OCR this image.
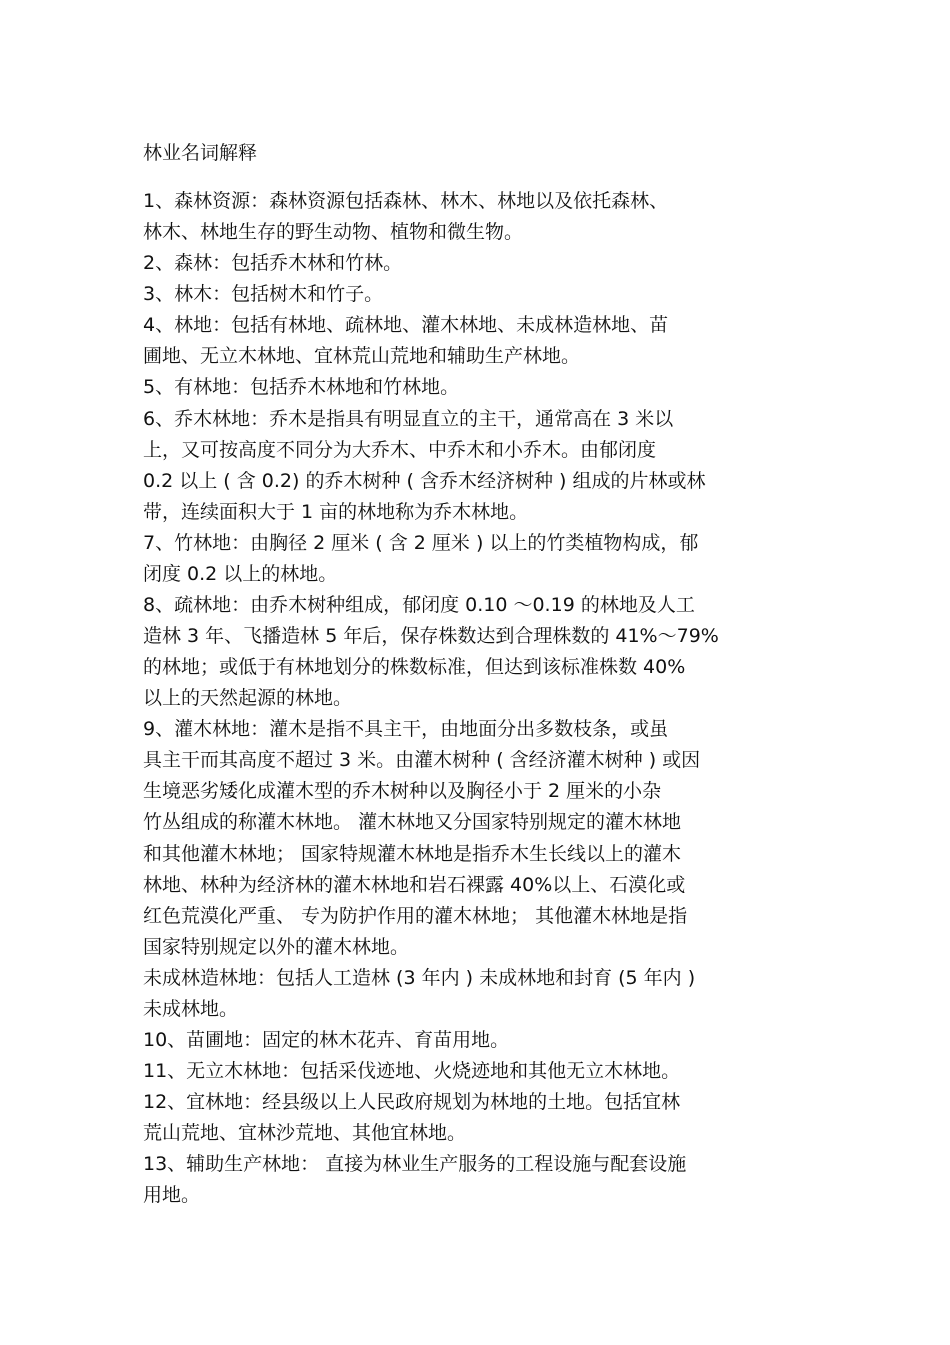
林业名词解释
1、森林资源：森林资源包括森林、林木、林地以及依托森林、
林木、林地生存的野生动物、植物和微生物。
2、森林：包括乔木林和竹林。
3、林木：包括树木和竹子。
4、林地：包括有林地、疏林地、灌木林地、未成林造林地、苗
圃地、无立木林地、宜林荒山荒地和辅助生产林地。
5、有林地：包括乔木林地和竹林地。
6、乔木林地：乔木是指具有明显直立的主干，通常高在 3 米以
上，又可按高度不同分为大乔木、中乔木和小乔木。由郁闭度
0.2 以上 ( 含 0.2) 的乔木树种 ( 含乔木经济树种 ) 组成的片林或林
带，连续面积大于 1 亩的林地称为乔木林地。
7、竹林地：由胸径 2 厘米 ( 含 2 厘米 ) 以上的竹类植物构成，郁
闭度 0.2 以上的林地。
8、疏林地：由乔木树种组成，郁闭度 0.10 ～0.19 的林地及人工
造林 3 年、飞播造林 5 年后，保存株数达到合理株数的 41%～79%
的林地；或低于有林地划分的株数标准，但达到该标准株数 40%
以上的天然起源的林地。
9、灌木林地：灌木是指不具主干，由地面分出多数枝条，或虽
具主干而其高度不超过 3 米。由灌木树种 ( 含经济灌木树种 ) 或因
生境恶劣矮化成灌木型的乔木树种以及胸径小于 2 厘米的小杂
竹丛组成的称灌木林地。 灌木林地又分国家特别规定的灌木林地
和其他灌木林地； 国家特规灌木林地是指乔木生长线以上的灌木
林地、林种为经济林的灌木林地和岩石裸露 40%以上、石漠化或
红色荒漠化严重、 专为防护作用的灌木林地； 其他灌木林地是指
国家特别规定以外的灌木林地。
未成林造林地：包括人工造林 (3 年内 ) 未成林地和封育 (5 年内 )
未成林地。
10、苗圃地：固定的林木花卉、育苗用地。
11、无立木林地：包括采伐迹地、火烧迹地和其他无立木林地。
12、宜林地：经县级以上人民政府规划为林地的土地。包括宜林
荒山荒地、宜林沙荒地、其他宜林地。
13、辅助生产林地： 直接为林业生产服务的工程设施与配套设施
用地。
